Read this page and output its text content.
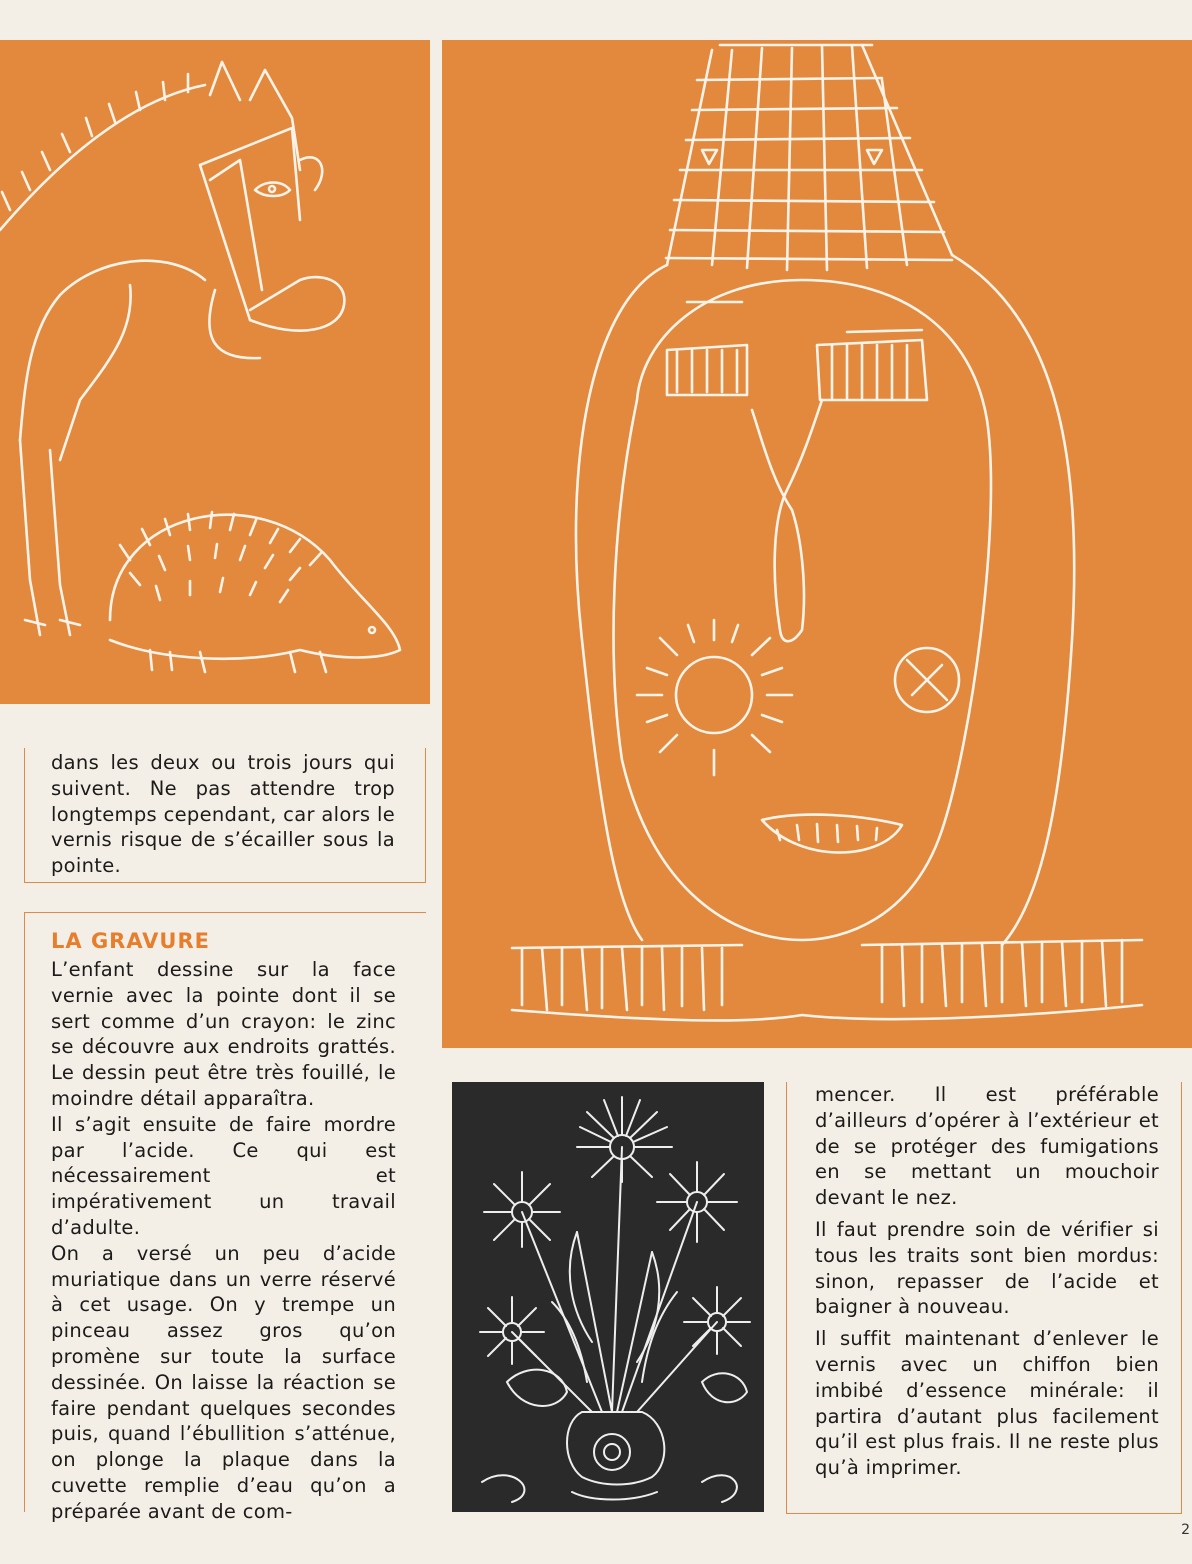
dans les deux ou trois jours qui suivent. Ne pas attendre trop longtemps cependant, car alors le vernis risque de s’écailler sous la pointe.

LA GRAVURE

L’enfant dessine sur la face vernie avec la pointe dont il se sert comme d’un crayon: le zinc se découvre aux endroits grattés. Le dessin peut être très fouillé, le moindre détail apparaîtra.

Il s’agit ensuite de faire mordre par l’acide. Ce qui est nécessairement et impérativement un travail d’adulte.

On a versé un peu d’acide muriatique dans un verre réservé à cet usage. On y trempe un pinceau assez gros qu’on promène sur toute la surface dessinée. On laisse la réaction se faire pendant quelques secondes puis, quand l’ébullition s’atténue, on plonge la plaque dans la cuvette remplie d’eau qu’on a préparée avant de com-

mencer. Il est préférable d’ailleurs d’opérer à l’extérieur et de se protéger des fumigations en se mettant un mouchoir devant le nez.

Il faut prendre soin de vérifier si tous les traits sont bien mordus: sinon, repasser de l’acide et baigner à nouveau.

Il suffit maintenant d’enlever le vernis avec un chiffon bien imbibé d’essence minérale: il partira d’autant plus facilement qu’il est plus frais. Il ne reste plus qu’à imprimer.

2
